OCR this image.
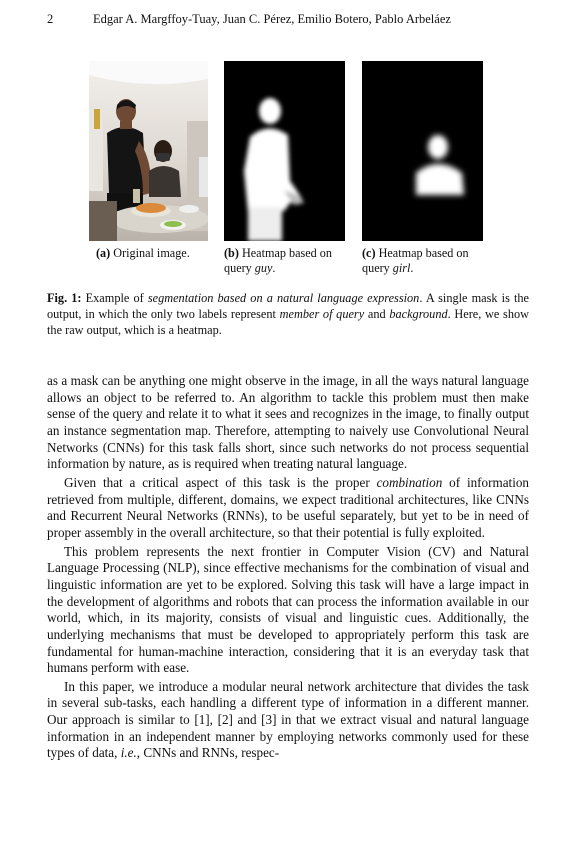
2	Edgar A. Margffoy-Tuay, Juan C. Pérez, Emilio Botero, Pablo Arbeláez
(a) Original image.	(b) Heatmap based on query guy.
(c) Heatmap based on query girl.
Fig. 1: Example of segmentation based on a natural language expression. A single mask is the output, in which the only two labels represent member of query and background. Here, we show the raw output, which is a heatmap.

as a mask can be anything one might observe in the image, in all the ways natural language allows an object to be referred to. An algorithm to tackle this problem must then make sense of the query and relate it to what it sees and recognizes in the image, to finally output an instance segmentation map. Therefore, attempting to naively use Convolutional Neural Networks (CNNs) for this task falls short, since such networks do not process sequential information by nature, as is required when treating natural language.

Given that a critical aspect of this task is the proper combination of information retrieved from multiple, different, domains, we expect traditional architectures, like CNNs and Recurrent Neural Networks (RNNs), to be useful separately, but yet to be in need of proper assembly in the overall architecture, so that their potential is fully exploited.

This problem represents the next frontier in Computer Vision (CV) and Natural Language Processing (NLP), since effective mechanisms for the combination of visual and linguistic information are yet to be explored. Solving this task will have a large impact in the development of algorithms and robots that can process the information available in our world, which, in its majority, consists of visual and linguistic cues. Additionally, the underlying mechanisms that must be developed to appropriately perform this task are fundamental for human-machine interaction, considering that it is an everyday task that humans perform with ease.

In this paper, we introduce a modular neural network architecture that divides the task in several sub-tasks, each handling a different type of information in a different manner. Our approach is similar to [1], [2] and [3] in that we extract visual and natural language information in an independent manner by employing networks commonly used for these types of data, i.e., CNNs and RNNs, respec-
